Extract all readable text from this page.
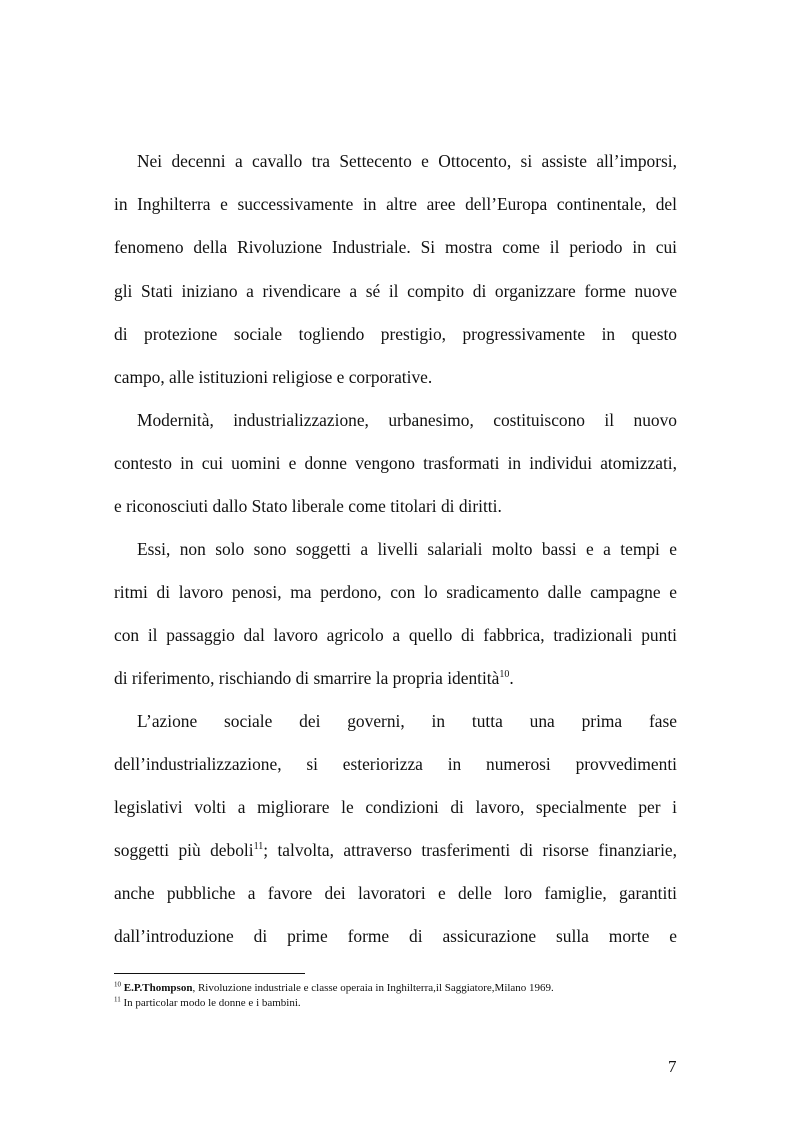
Nei decenni a cavallo tra Settecento e Ottocento, si assiste all’imporsi,

in Inghilterra e successivamente in altre aree dell’Europa continentale, del

fenomeno della Rivoluzione Industriale. Si mostra come il periodo in cui

gli Stati iniziano a rivendicare a sé il compito di organizzare forme nuove

di protezione sociale togliendo prestigio, progressivamente in questo

campo, alle istituzioni religiose e corporative.

Modernità, industrializzazione, urbanesimo, costituiscono il nuovo

contesto in cui uomini e donne vengono trasformati in individui atomizzati,

e riconosciuti dallo Stato liberale come titolari di diritti.

Essi, non solo sono soggetti a livelli salariali molto bassi e a tempi e

ritmi di lavoro penosi, ma perdono, con lo sradicamento dalle campagne e

con il passaggio dal lavoro agricolo a quello di fabbrica, tradizionali punti

di riferimento, rischiando di smarrire la propria identità$^{10}$.

L’azione sociale dei governi, in tutta una prima fase

dell’industrializzazione, si esteriorizza in numerosi provvedimenti

legislativi volti a migliorare le condizioni di lavoro, specialmente per i

soggetti più deboli$^{11}$; talvolta, attraverso trasferimenti di risorse finanziarie,

anche pubbliche a favore dei lavoratori e delle loro famiglie, garantiti

dall’introduzione di prime forme di assicurazione sulla morte e

$^{10}$ E.P.Thompson, Rivoluzione industriale e classe operaia in Inghilterra,il Saggiatore,Milano 1969.

$^{11}$ In particolar modo le donne e i bambini.

7
